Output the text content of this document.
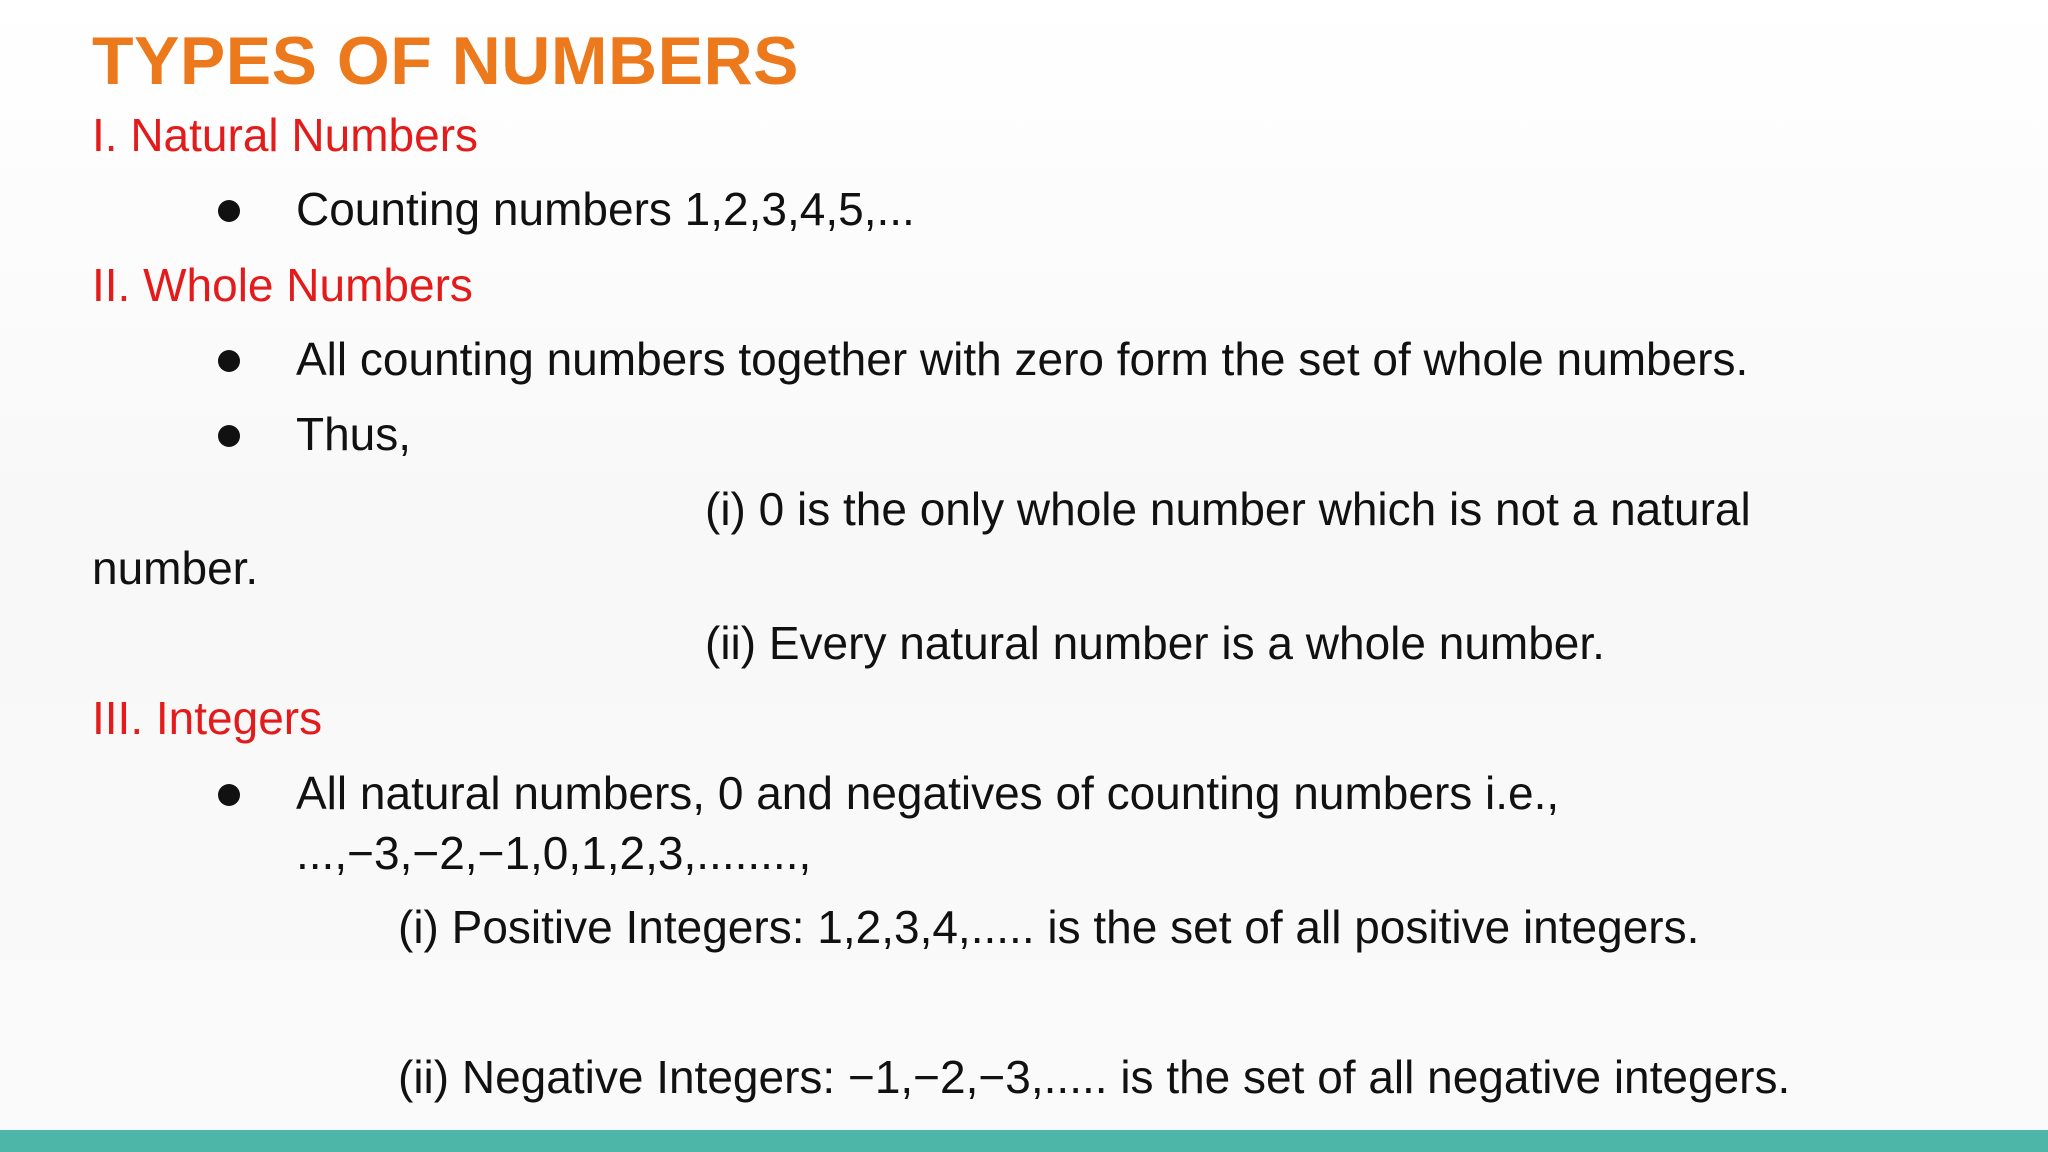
TYPES OF NUMBERS
I. Natural Numbers
Counting numbers 1,2,3,4,5,...
II. Whole Numbers
All counting numbers together with zero form the set of whole numbers.
Thus,
(i) 0 is the only whole number which is not a natural
number.
(ii) Every natural number is a whole number.
III. Integers
All natural numbers, 0 and negatives of counting numbers i.e.,
...,−3,−2,−1,0,1,2,3,........,
(i) Positive Integers: 1,2,3,4,..... is the set of all positive integers.
(ii) Negative Integers: −1,−2,−3,..... is the set of all negative integers.
